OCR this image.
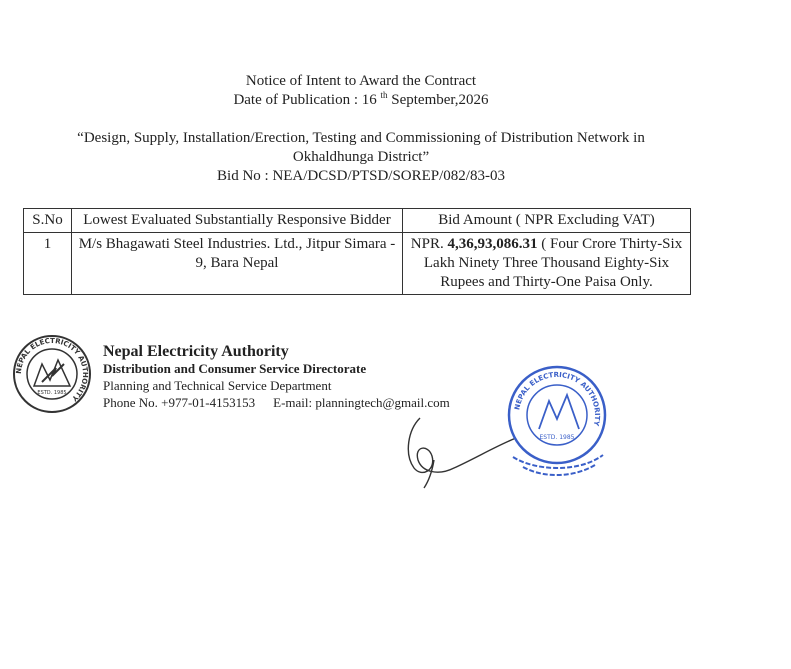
Notice of Intent to Award the Contract

Date of Publication : 16 $^{th}$ September,2026

“Design, Supply, Installation/Erection, Testing and Commissioning of Distribution Network in

Okhaldhunga District”

Bid No : NEA/DCSD/PTSD/SOREP/082/83-03

S.No	Lowest Evaluated Substantially Responsive Bidder	Bid Amount ( NPR Excluding VAT)
1	M/s Bhagawati Steel Industries. Ltd., Jitpur Simara - 9, Bara Nepal	NPR. 4,36,93,086.31 ( Four Crore Thirty-Six Lakh Ninety Three Thousand Eighty-Six Rupees and Thirty-One Paisa Only.
NEPAL ELECTRICITY AUTHORITY
ESTD. 1985
Nepal Electricity Authority
Distribution and Consumer Service Directorate
Planning and Technical Service Department
Phone No. +977-01-4153153 E-mail: planningtech@gmail.com	NEPAL ELECTRICITY AUTHORITY
ESTD. 1985
